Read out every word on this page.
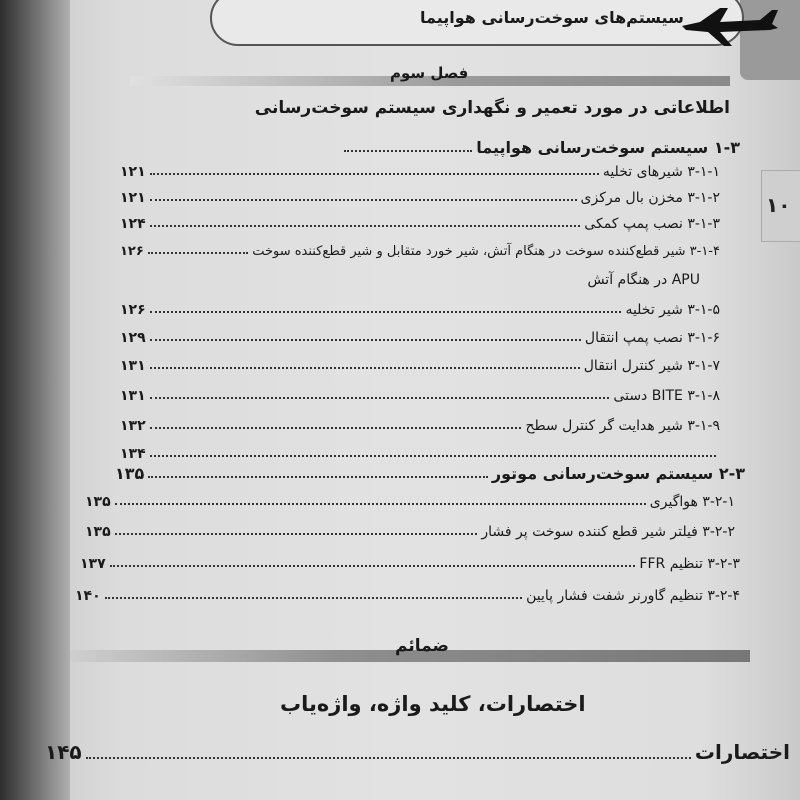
۱۰
سیستم‌های سوخت‌رسانی هواپیما
فصل سوم
اطلاعاتی در مورد تعمیر و نگهداری سیستم سوخت‌رسانی
۱-۳ سیستم سوخت‌رسانی هواپیما
۳-۱-۱ شیرهای تخلیه
۱۲۱
۳-۱-۲ مخزن بال مرکزی
۱۲۱
۳-۱-۳ نصب پمپ کمکی
۱۲۴
۳-۱-۴ شیر قطع‌کننده سوخت در هنگام آتش، شیر خورد متقابل و شیر قطع‌کننده سوخت
۱۲۶
APU در هنگام آتش
۳-۱-۵ شیر تخلیه
۱۲۶
۳-۱-۶ نصب پمپ انتقال
۱۲۹
۳-۱-۷ شیر کنترل انتقال
۱۳۱
۳-۱-۸ BITE دستی
۱۳۱
۳-۱-۹ شیر هدایت گر کنترل سطح
۱۳۲
۱۳۴
۲-۳ سیستم سوخت‌رسانی موتور
۱۳۵
۳-۲-۱ هواگیری
۱۳۵
۳-۲-۲ فیلتر شیر قطع کننده سوخت پر فشار
۱۳۵
۳-۲-۳ تنظیم FFR
۱۳۷
۳-۲-۴ تنظیم گاورنر شفت فشار پایین
۱۴۰
ضمائم
اختصارات، کلید واژه، واژه‌یاب
اختصارات
۱۴۵
